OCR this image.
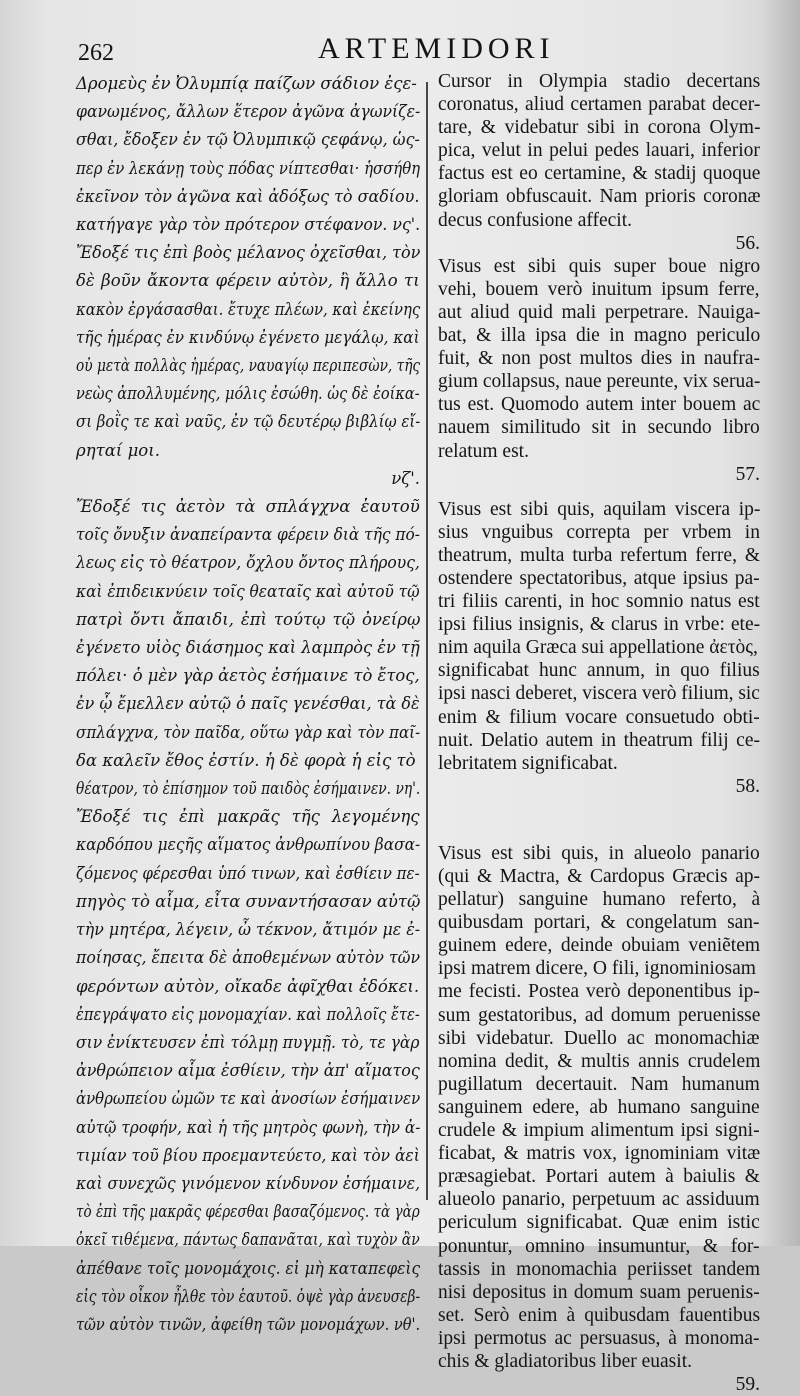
262	ARTEMIDORI
Δρομεὺς ἐν Ὀλυμπίᾳ παίζων σάδιον ἐςε-
φανωμένος, ἄλλων ἕτερον ἀγῶνα ἀγωνίζε-
σθαι, ἔδοξεν ἐν τῷ Ὀλυμπικῷ ςεφάνῳ, ὡς-
περ ἐν λεκάνῃ τοὺς πόδας νίπτεσθαι· ἡσσήθη
ἐκεῖνον τὸν ἀγῶνα καὶ ἀδόξως τὸ σαδίου.
κατήγαγε γὰρ τὸν πρότερον στέφανον. νς'.
Ἔδοξέ τις ἐπὶ βοὸς μέλανος ὀχεῖσθαι, τὸν
δὲ βοῦν ἄκοντα φέρειν αὐτὸν, ἢ ἄλλο τι
κακὸν ἐργάσασθαι. ἔτυχε πλέων, καὶ ἐκείνης
τῆς ἡμέρας ἐν κινδύνῳ ἐγένετο μεγάλῳ, καὶ
οὐ μετὰ πολλὰς ἡμέρας, ναυαγίῳ περιπεσὼν, τῆς
νεὼς ἀπολλυμένης, μόλις ἐσώθη. ὡς δὲ ἐοίκα-
σι βοῒς τε καὶ ναῦς, ἐν τῷ δευτέρῳ βιβλίῳ εἴ-
ρηταί μοι.
νζ'.
Ἔδοξέ τις ἀετὸν τὰ σπλάγχνα ἑαυτοῦ
τοῖς ὄνυξιν ἀναπείραντα φέρειν διὰ τῆς πό-
λεως εἰς τὸ θέατρον, ὄχλου ὄντος πλήρους,
καὶ ἐπιδεικνύειν τοῖς θεαταῖς καὶ αὐτοῦ τῷ
πατρὶ ὄντι ἄπαιδι, ἐπὶ τούτῳ τῷ ὀνείρῳ
ἐγένετο υἱὸς διάσημος καὶ λαμπρὸς ἐν τῇ
πόλει· ὁ μὲν γὰρ ἀετὸς ἐσήμαινε τὸ ἔτος,
ἐν ᾧ ἔμελλεν αὐτῷ ὁ παῖς γενέσθαι, τὰ δὲ
σπλάγχνα, τὸν παῖδα, οὕτω γὰρ καὶ τὸν παῖ-
δα καλεῖν ἔθος ἐστίν. ἡ δὲ φορὰ ἡ εἰς τὸ
θέατρον, τὸ ἐπίσημον τοῦ παιδὸς ἐσήμαινεν. νη'.
Ἔδοξέ τις ἐπὶ μακρᾶς τῆς λεγομένης
καρδόπου μεςῆς αἵματος ἀνθρωπίνου βασα-
ζόμενος φέρεσθαι ὑπό τινων, καὶ ἐσθίειν πε-
πηγὸς τὸ αἷμα, εἶτα συναντήσασαν αὐτῷ
τὴν μητέρα, λέγειν, ὦ τέκνον, ἄτιμόν με ἐ-
ποίησας, ἔπειτα δὲ ἀποθεμένων αὐτὸν τῶν
φερόντων αὐτὸν, οἴκαδε ἀφῖχθαι ἐδόκει.
ἐπεγράψατο εἰς μονομαχίαν. καὶ πολλοῖς ἔτε-
σιν ἐνίκτευσεν ἐπὶ τόλμῃ πυγμῇ. τὸ, τε γὰρ
ἀνθρώπειον αἷμα ἐσθίειν, τὴν ἀπ' αἵματος
ἀνθρωπείου ὠμῶν τε καὶ ἀνοσίων ἐσήμαινεν
αὐτῷ τροφήν, καὶ ἡ τῆς μητρὸς φωνὴ, τὴν ἀ-
τιμίαν τοῦ βίου προεμαντεύετο, καὶ τὸν ἀεὶ
καὶ συνεχῶς γινόμενον κίνδυνον ἐσήμαινε,
τὸ ἐπὶ τῆς μακρᾶς φέρεσθαι βασαζόμενος. τὰ γὰρ
ὀκεῖ τιθέμενα, πάντως δαπανᾶται, καὶ τυχὸν ἂν
ἀπέθανε τοῖς μονομάχοις. εἰ μὴ καταπεφεὶς
εἰς τὸν οἶκον ἦλθε τὸν ἑαυτοῦ. ὀψὲ γὰρ ἀνευσεβ-
τῶν αὐτὸν τινῶν, ἀφείθη τῶν μονομάχων. νθ'.
Cursor in Olympia stadio decertans
coronatus, aliud certamen parabat decer-
tare, & videbatur sibi in corona Olym-
pica, velut in pelui pedes lauari, inferior
factus est eo certamine, & stadij quoque
gloriam obfuscauit. Nam prioris coronæ
decus confusione affecit.
56.
Visus est sibi quis super boue nigro
vehi, bouem verò inuitum ipsum ferre,
aut aliud quid mali perpetrare. Nauiga-
bat, & illa ipsa die in magno periculo
fuit, & non post multos dies in naufra-
gium collapsus, naue pereunte, vix serua-
tus est. Quomodo autem inter bouem ac
nauem similitudo sit in secundo libro
relatum est.
57.
Visus est sibi quis, aquilam viscera ip-
sius vnguibus correpta per vrbem in
theatrum, multa turba refertum ferre, &
ostendere spectatoribus, atque ipsius pa-
tri filiis carenti, in hoc somnio natus est
ipsi filius insignis, & clarus in vrbe: ete-
nim aquila Græca sui appellatione ἀετὸς,
significabat hunc annum, in quo filius
ipsi nasci deberet, viscera verò filium, sic
enim & filium vocare consuetudo obti-
nuit. Delatio autem in theatrum filij ce-
lebritatem significabat.
58.
Visus est sibi quis, in alueolo panario
(qui & Mactra, & Cardopus Græcis ap-
pellatur) sanguine humano referto, à
quibusdam portari, & congelatum san-
guinem edere, deinde obuiam veniẽtem
ipsi matrem dicere, O fili, ignominiosam
me fecisti. Postea verò deponentibus ip-
sum gestatoribus, ad domum peruenisse
sibi videbatur. Duello ac monomachiæ
nomina dedit, & multis annis crudelem
pugillatum decertauit. Nam humanum
sanguinem edere, ab humano sanguine
crudele & impium alimentum ipsi signi-
ficabat, & matris vox, ignominiam vitæ
præsagiebat. Portari autem à baiulis &
alueolo panario, perpetuum ac assiduum
periculum significabat. Quæ enim istic
ponuntur, omnino insumuntur, & for-
tassis in monomachia periisset tandem
nisi depositus in domum suam peruenis-
set. Serò enim à quibusdam fauentibus
ipsi permotus ac persuasus, à monoma-
chis & gladiatoribus liber euasit.
59.
